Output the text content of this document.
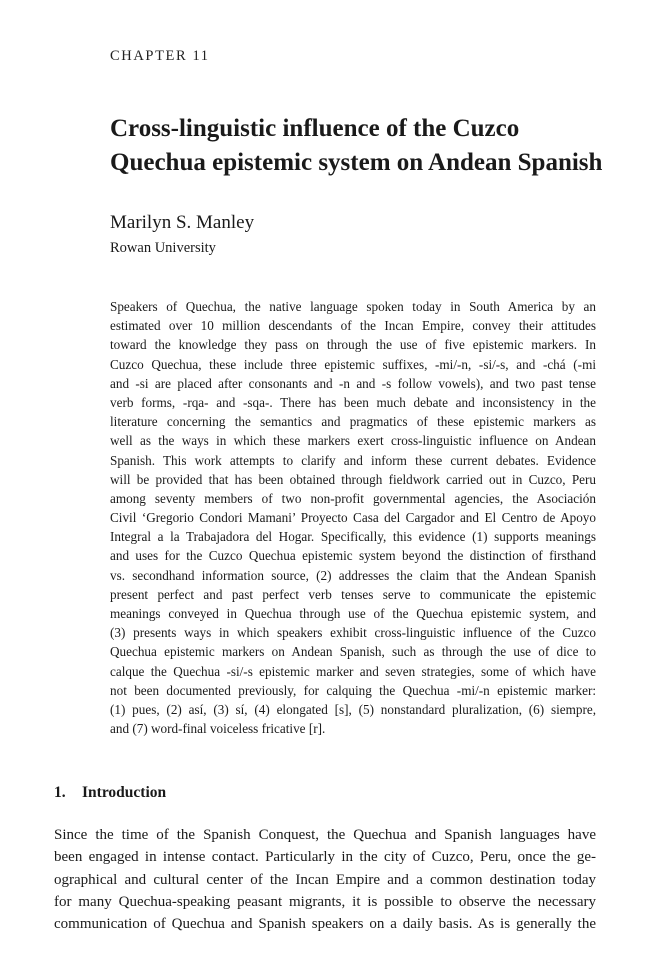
CHAPTER 11
Cross-linguistic influence of the Cuzco
Quechua epistemic system on Andean Spanish
Marilyn S. Manley
Rowan University
Speakers of Quechua, the native language spoken today in South America by an
estimated over 10 million descendants of the Incan Empire, convey their attitudes
toward the knowledge they pass on through the use of five epistemic markers. In
Cuzco Quechua, these include three epistemic suffixes, -mi/-n, -si/-s, and -chá (-mi
and -si are placed after consonants and -n and -s follow vowels), and two past tense
verb forms, -rqa- and -sqa-. There has been much debate and inconsistency in the
literature concerning the semantics and pragmatics of these epistemic markers as
well as the ways in which these markers exert cross-linguistic influence on Andean
Spanish. This work attempts to clarify and inform these current debates. Evidence
will be provided that has been obtained through fieldwork carried out in Cuzco, Peru
among seventy members of two non-profit governmental agencies, the Asociación
Civil ‘Gregorio Condori Mamani’ Proyecto Casa del Cargador and El Centro de Apoyo
Integral a la Trabajadora del Hogar. Specifically, this evidence (1) supports meanings
and uses for the Cuzco Quechua epistemic system beyond the distinction of firsthand
vs. secondhand information source, (2) addresses the claim that the Andean Spanish
present perfect and past perfect verb tenses serve to communicate the epistemic
meanings conveyed in Quechua through use of the Quechua epistemic system, and
(3) presents ways in which speakers exhibit cross-linguistic influence of the Cuzco
Quechua epistemic markers on Andean Spanish, such as through the use of dice to
calque the Quechua -si/-s epistemic marker and seven strategies, some of which have
not been documented previously, for calquing the Quechua -mi/-n epistemic marker:
(1) pues, (2) así, (3) sí, (4) elongated [s], (5) nonstandard pluralization, (6) siempre,
and (7) word-final voiceless fricative [r].
1. Introduction
Since the time of the Spanish Conquest, the Quechua and Spanish languages have
been engaged in intense contact. Particularly in the city of Cuzco, Peru, once the ge-
ographical and cultural center of the Incan Empire and a common destination today
for many Quechua-speaking peasant migrants, it is possible to observe the necessary
communication of Quechua and Spanish speakers on a daily basis. As is generally the
